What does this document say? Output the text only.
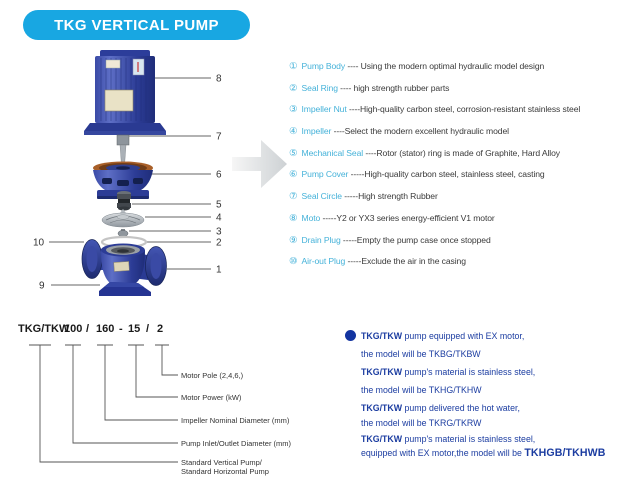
TKG VERTICAL PUMP
8
7
6
5
4
3
2
1
10
9
① Pump Body ---- Using the modern optimal hydraulic model design
② Seal Ring ---- high strength rubber parts
③ Impeller Nut ----High-quality carbon steel, corrosion-resistant stainless steel
④ Impeller ----Select the modern excellent hydraulic model
⑤ Mechanical Seal ----Rotor (stator) ring is made of Graphite, Hard Alloy
⑥ Pump Cover -----High-quality carbon steel, stainless steel, casting
⑦ Seal Circle -----High strength Rubber
⑧ Moto -----Y2 or YX3 series energy-efficient V1 motor
⑨ Drain Plug -----Empty the pump case once stopped
⑩ Air-out Plug -----Exclude the air in the casing
TKG/TKW
100 / 160 - 15 / 2
Motor Pole (2,4,6,)
Motor Power (kW)
Impeller Nominal Diameter (mm)
Pump Inlet/Outlet Diameter (mm)
Standard Vertical Pump/
Standard Horizontal Pump
TKG/TKW pump equipped with EX motor,
the model will be TKBG/TKBW
TKG/TKW pump's material is stainless steel,
the model will be TKHG/TKHW
TKG/TKW pump delivered the hot water,
the model will be TKRG/TKRW
TKG/TKW pump's material is stainless steel,
equipped with EX motor,the model will be TKHGB/TKHWB
